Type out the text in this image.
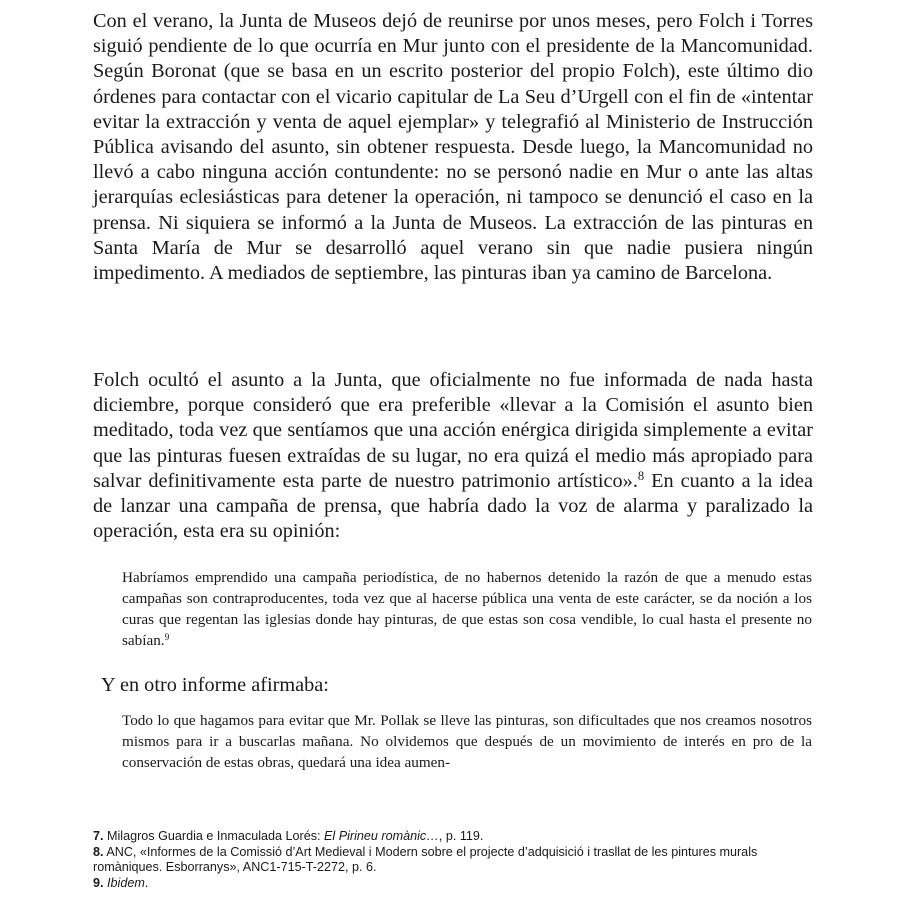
Con el verano, la Junta de Museos dejó de reunirse por unos meses, pero Folch i Torres siguió pendiente de lo que ocurría en Mur junto con el presidente de la Mancomunidad. Según Boronat (que se basa en un escrito posterior del propio Folch), este último dio órdenes para contactar con el vicario capitular de La Seu d’Urgell con el fin de «intentar evitar la extracción y venta de aquel ejemplar» y telegrafió al Ministerio de Instrucción Pública avisando del asunto, sin obtener respuesta. Desde luego, la Mancomunidad no llevó a cabo ninguna acción contundente: no se personó nadie en Mur o ante las altas jerarquías eclesiásticas para detener la operación, ni tampoco se denunció el caso en la prensa. Ni siquiera se informó a la Junta de Museos. La extracción de las pinturas en Santa María de Mur se desarrolló aquel verano sin que nadie pusiera ningún impedimento. A mediados de septiembre, las pinturas iban ya camino de Barcelona.

Folch ocultó el asunto a la Junta, que oficialmente no fue informada de nada hasta diciembre, porque consideró que era preferible «llevar a la Comisión el asunto bien meditado, toda vez que sentíamos que una acción enérgica dirigida simplemente a evitar que las pinturas fuesen extraídas de su lugar, no era quizá el medio más apropiado para salvar definitivamente esta parte de nuestro patrimonio artístico».$^8$ En cuanto a la idea de lanzar una campaña de prensa, que habría dado la voz de alarma y paralizado la operación, esta era su opinión:

Habríamos emprendido una campaña periodística, de no habernos detenido la razón de que a menudo estas campañas son contraproducentes, toda vez que al hacerse pública una venta de este carácter, se da noción a los curas que regentan las iglesias donde hay pinturas, de que estas son cosa vendible, lo cual hasta el presente no sabían.$^9$

Y en otro informe afirmaba:

Todo lo que hagamos para evitar que Mr. Pollak se lleve las pinturas, son dificultades que nos creamos nosotros mismos para ir a buscarlas mañana. No olvidemos que después de un movimiento de interés en pro de la conservación de estas obras, quedará una idea aumen-

7. Milagros Guardia e Inmaculada Lorés: El Pirineu romànic…, p. 119.

8. ANC, «Informes de la Comissió d’Art Medieval i Modern sobre el projecte d’adquisició i trasllat de les pintures murals romàniques. Esborranys», ANC1-715-T-2272, p. 6.

9. Ibidem.
